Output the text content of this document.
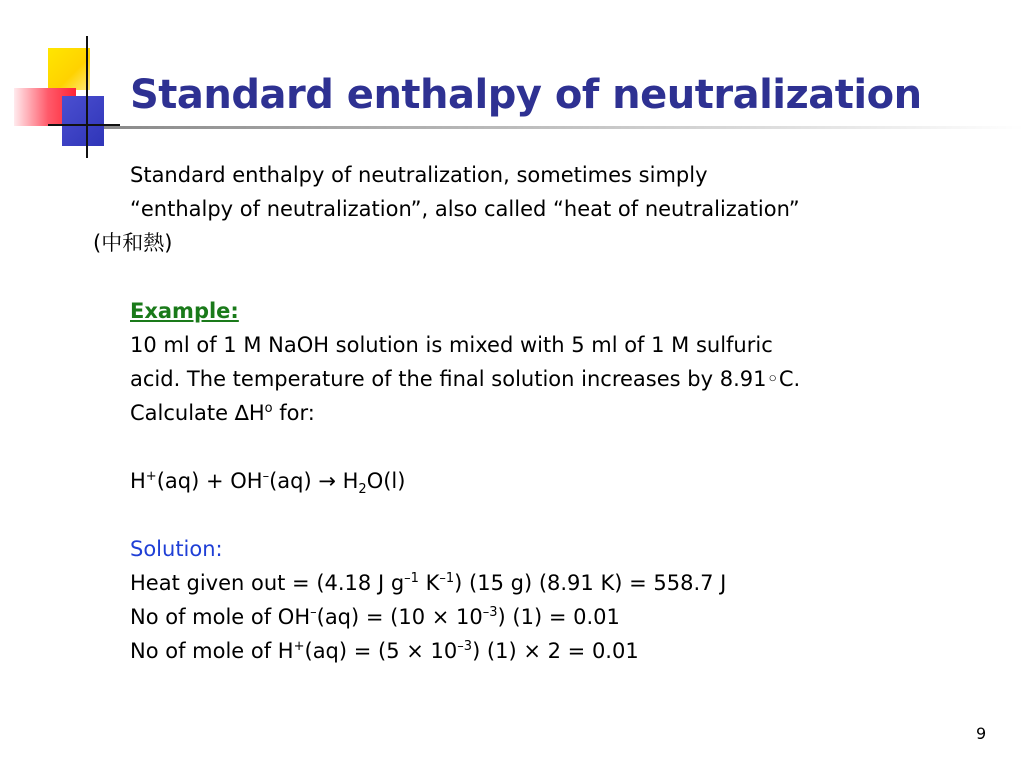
Standard enthalpy of neutralization
Standard enthalpy of neutralization, sometimes simply
“enthalpy of neutralization”, also called “heat of neutralization”
(中和熱)
Example:
10 ml of 1 M NaOH solution is mixed with 5 ml of 1 M sulfuric
acid. The temperature of the final solution increases by 8.91◦C.
Calculate $\Delta H^o$ for:
$H^+(aq) + OH^-(aq) \to H_2O(l)$
Solution:
Heat given out = (4.18 J $g^{-1}$ $K^{-1}$) (15 g) (8.91 K) = 558.7 J
No of mole of $OH^-(aq) = (10 \times 10^{-3})$ (1) = 0.01
No of mole of $H^+(aq) = (5 \times 10^{-3})$ (1) × 2 = 0.01
9
